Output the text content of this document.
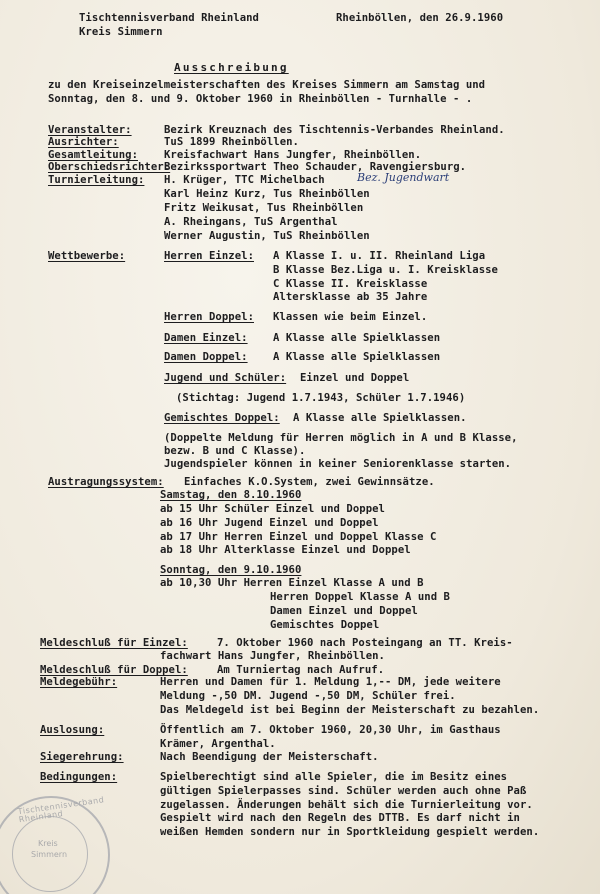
Tischtennisverband Rheinland
Kreis Simmern
Rheinböllen, den 26.9.1960
Ausschreibung
zu den Kreiseinzelmeisterschaften des Kreises Simmern am Samstag und
Sonntag, den 8. und 9. Oktober 1960 in Rheinböllen - Turnhalle - .
Veranstalter:	Bezirk Kreuznach des Tischtennis-Verbandes Rheinland.
Ausrichter:	TuS 1899 Rheinböllen.
Gesamtleitung: Kreisfachwart Hans Jungfer, Rheinböllen.
Oberschiedsrichter:
Bezirkssportwart Theo Schauder, Ravengiersburg.
Turnierleitung: H. Krüger, TTC Michelbach	Bez. Jugendwart
Karl Heinz Kurz, Tus Rheinböllen
Fritz Weikusat, Tus Rheinböllen
A. Rheingans, TuS Argenthal
Werner Augustin, TuS Rheinböllen
Wettbewerbe:	Herren Einzel: A Klasse I. u. II. Rheinland Liga
B Klasse Bez.Liga u. I. Kreisklasse
C Klasse II. Kreisklasse
Altersklasse ab 35 Jahre
Herren Doppel: Klassen wie beim Einzel.
Damen Einzel: A Klasse alle Spielklassen
Damen Doppel: A Klasse alle Spielklassen
Jugend und Schüler: Einzel und Doppel
(Stichtag: Jugend 1.7.1943, Schüler 1.7.1946)
Gemischtes Doppel: A Klasse alle Spielklassen.
(Doppelte Meldung für Herren möglich in A und B Klasse,
bezw. B und C Klasse).
Jugendspieler können in keiner Seniorenklasse starten.
Austragungssystem: Einfaches K.O.System, zwei Gewinnsätze.
Samstag, den 8.10.1960
ab 15 Uhr Schüler Einzel und Doppel
ab 16 Uhr Jugend Einzel und Doppel
ab 17 Uhr Herren Einzel und Doppel Klasse C
ab 18 Uhr Alterklasse Einzel und Doppel
Sonntag, den 9.10.1960
ab 10,30 Uhr Herren Einzel Klasse A und B
Herren Doppel Klasse A und B
Damen Einzel und Doppel
Gemischtes Doppel
Meldeschluß für Einzel:	7. Oktober 1960 nach Posteingang an TT. Kreis-
fachwart Hans Jungfer, Rheinböllen.
Meldeschluß für Doppel:	Am Turniertag nach Aufruf.
Meldegebühr:	Herren und Damen für 1. Meldung 1,-- DM, jede weitere
Meldung -,50 DM. Jugend -,50 DM, Schüler frei.
Das Meldegeld ist bei Beginn der Meisterschaft zu bezahlen.
Auslosung:	Öffentlich am 7. Oktober 1960, 20,30 Uhr, im Gasthaus
Krämer, Argenthal.
Siegerehrung:	Nach Beendigung der Meisterschaft.
Bedingungen:	Spielberechtigt sind alle Spieler, die im Besitz eines
gültigen Spielerpasses sind. Schüler werden auch ohne Paß
zugelassen. Änderungen behält sich die Turnierleitung vor.
Gespielt wird nach den Regeln des DTTB. Es darf nicht in
weißen Hemden sondern nur in Sportkleidung gespielt werden.
Tischtennisverband Rheinland
Kreis
Simmern
